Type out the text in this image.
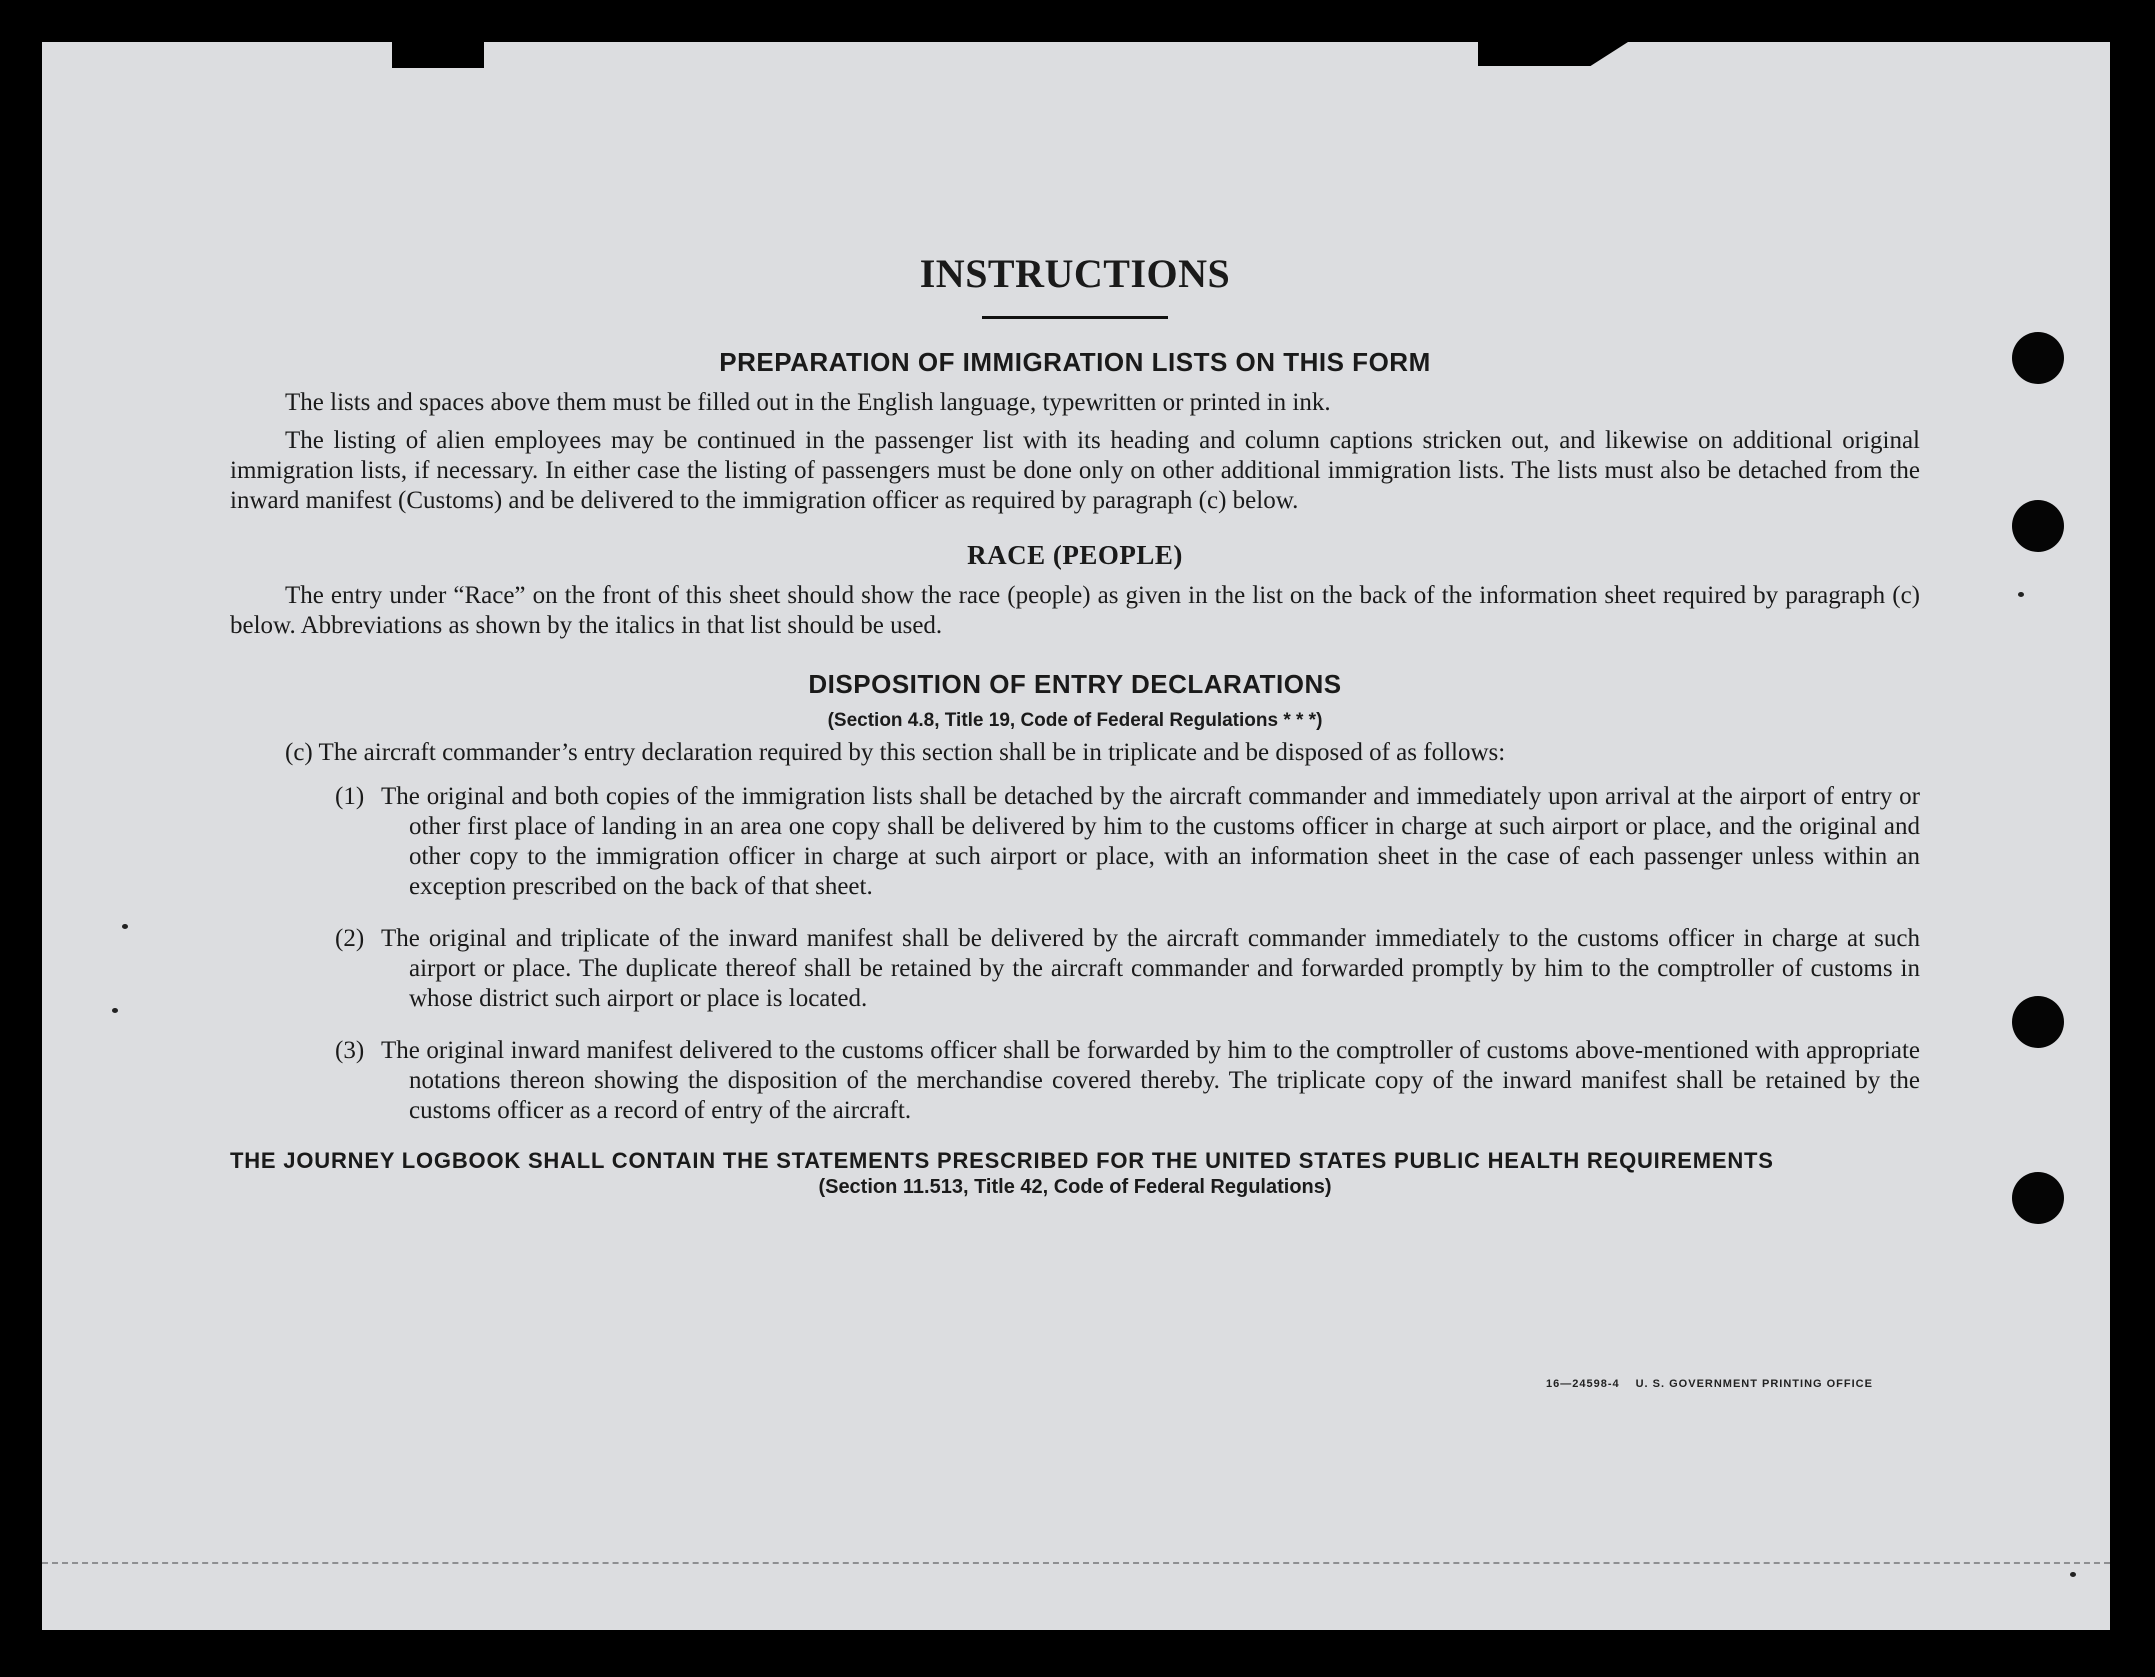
INSTRUCTIONS
PREPARATION OF IMMIGRATION LISTS ON THIS FORM

The lists and spaces above them must be filled out in the English language, typewritten or printed in ink.

The listing of alien employees may be continued in the passenger list with its heading and column captions stricken out, and likewise on additional original immigration lists, if necessary. In either case the listing of passengers must be done only on other additional immigration lists. The lists must also be detached from the inward manifest (Customs) and be delivered to the immigration officer as required by paragraph (c) below.

RACE (PEOPLE)

The entry under “Race” on the front of this sheet should show the race (people) as given in the list on the back of the information sheet required by paragraph (c) below. Abbreviations as shown by the italics in that list should be used.

DISPOSITION OF ENTRY DECLARATIONS
(Section 4.8, Title 19, Code of Federal Regulations * * *)

(c) The aircraft commander’s entry declaration required by this section shall be in triplicate and be disposed of as follows:

(1) The original and both copies of the immigration lists shall be detached by the aircraft commander and immediately upon arrival at the airport of entry or other first place of landing in an area one copy shall be delivered by him to the customs officer in charge at such airport or place, and the original and other copy to the immigration officer in charge at such airport or place, with an information sheet in the case of each passenger unless within an exception prescribed on the back of that sheet.
(2) The original and triplicate of the inward manifest shall be delivered by the aircraft commander immediately to the customs officer in charge at such airport or place. The duplicate thereof shall be retained by the aircraft commander and forwarded promptly by him to the comptroller of customs in whose district such airport or place is located.
(3) The original inward manifest delivered to the customs officer shall be forwarded by him to the comptroller of customs above-mentioned with appropriate notations thereon showing the disposition of the merchandise covered thereby. The triplicate copy of the inward manifest shall be retained by the customs officer as a record of entry of the aircraft.
THE JOURNEY LOGBOOK SHALL CONTAIN THE STATEMENTS PRESCRIBED FOR THE UNITED STATES PUBLIC HEALTH REQUIREMENTS
(Section 11.513, Title 42, Code of Federal Regulations)
16—24598-4 U. S. GOVERNMENT PRINTING OFFICE
